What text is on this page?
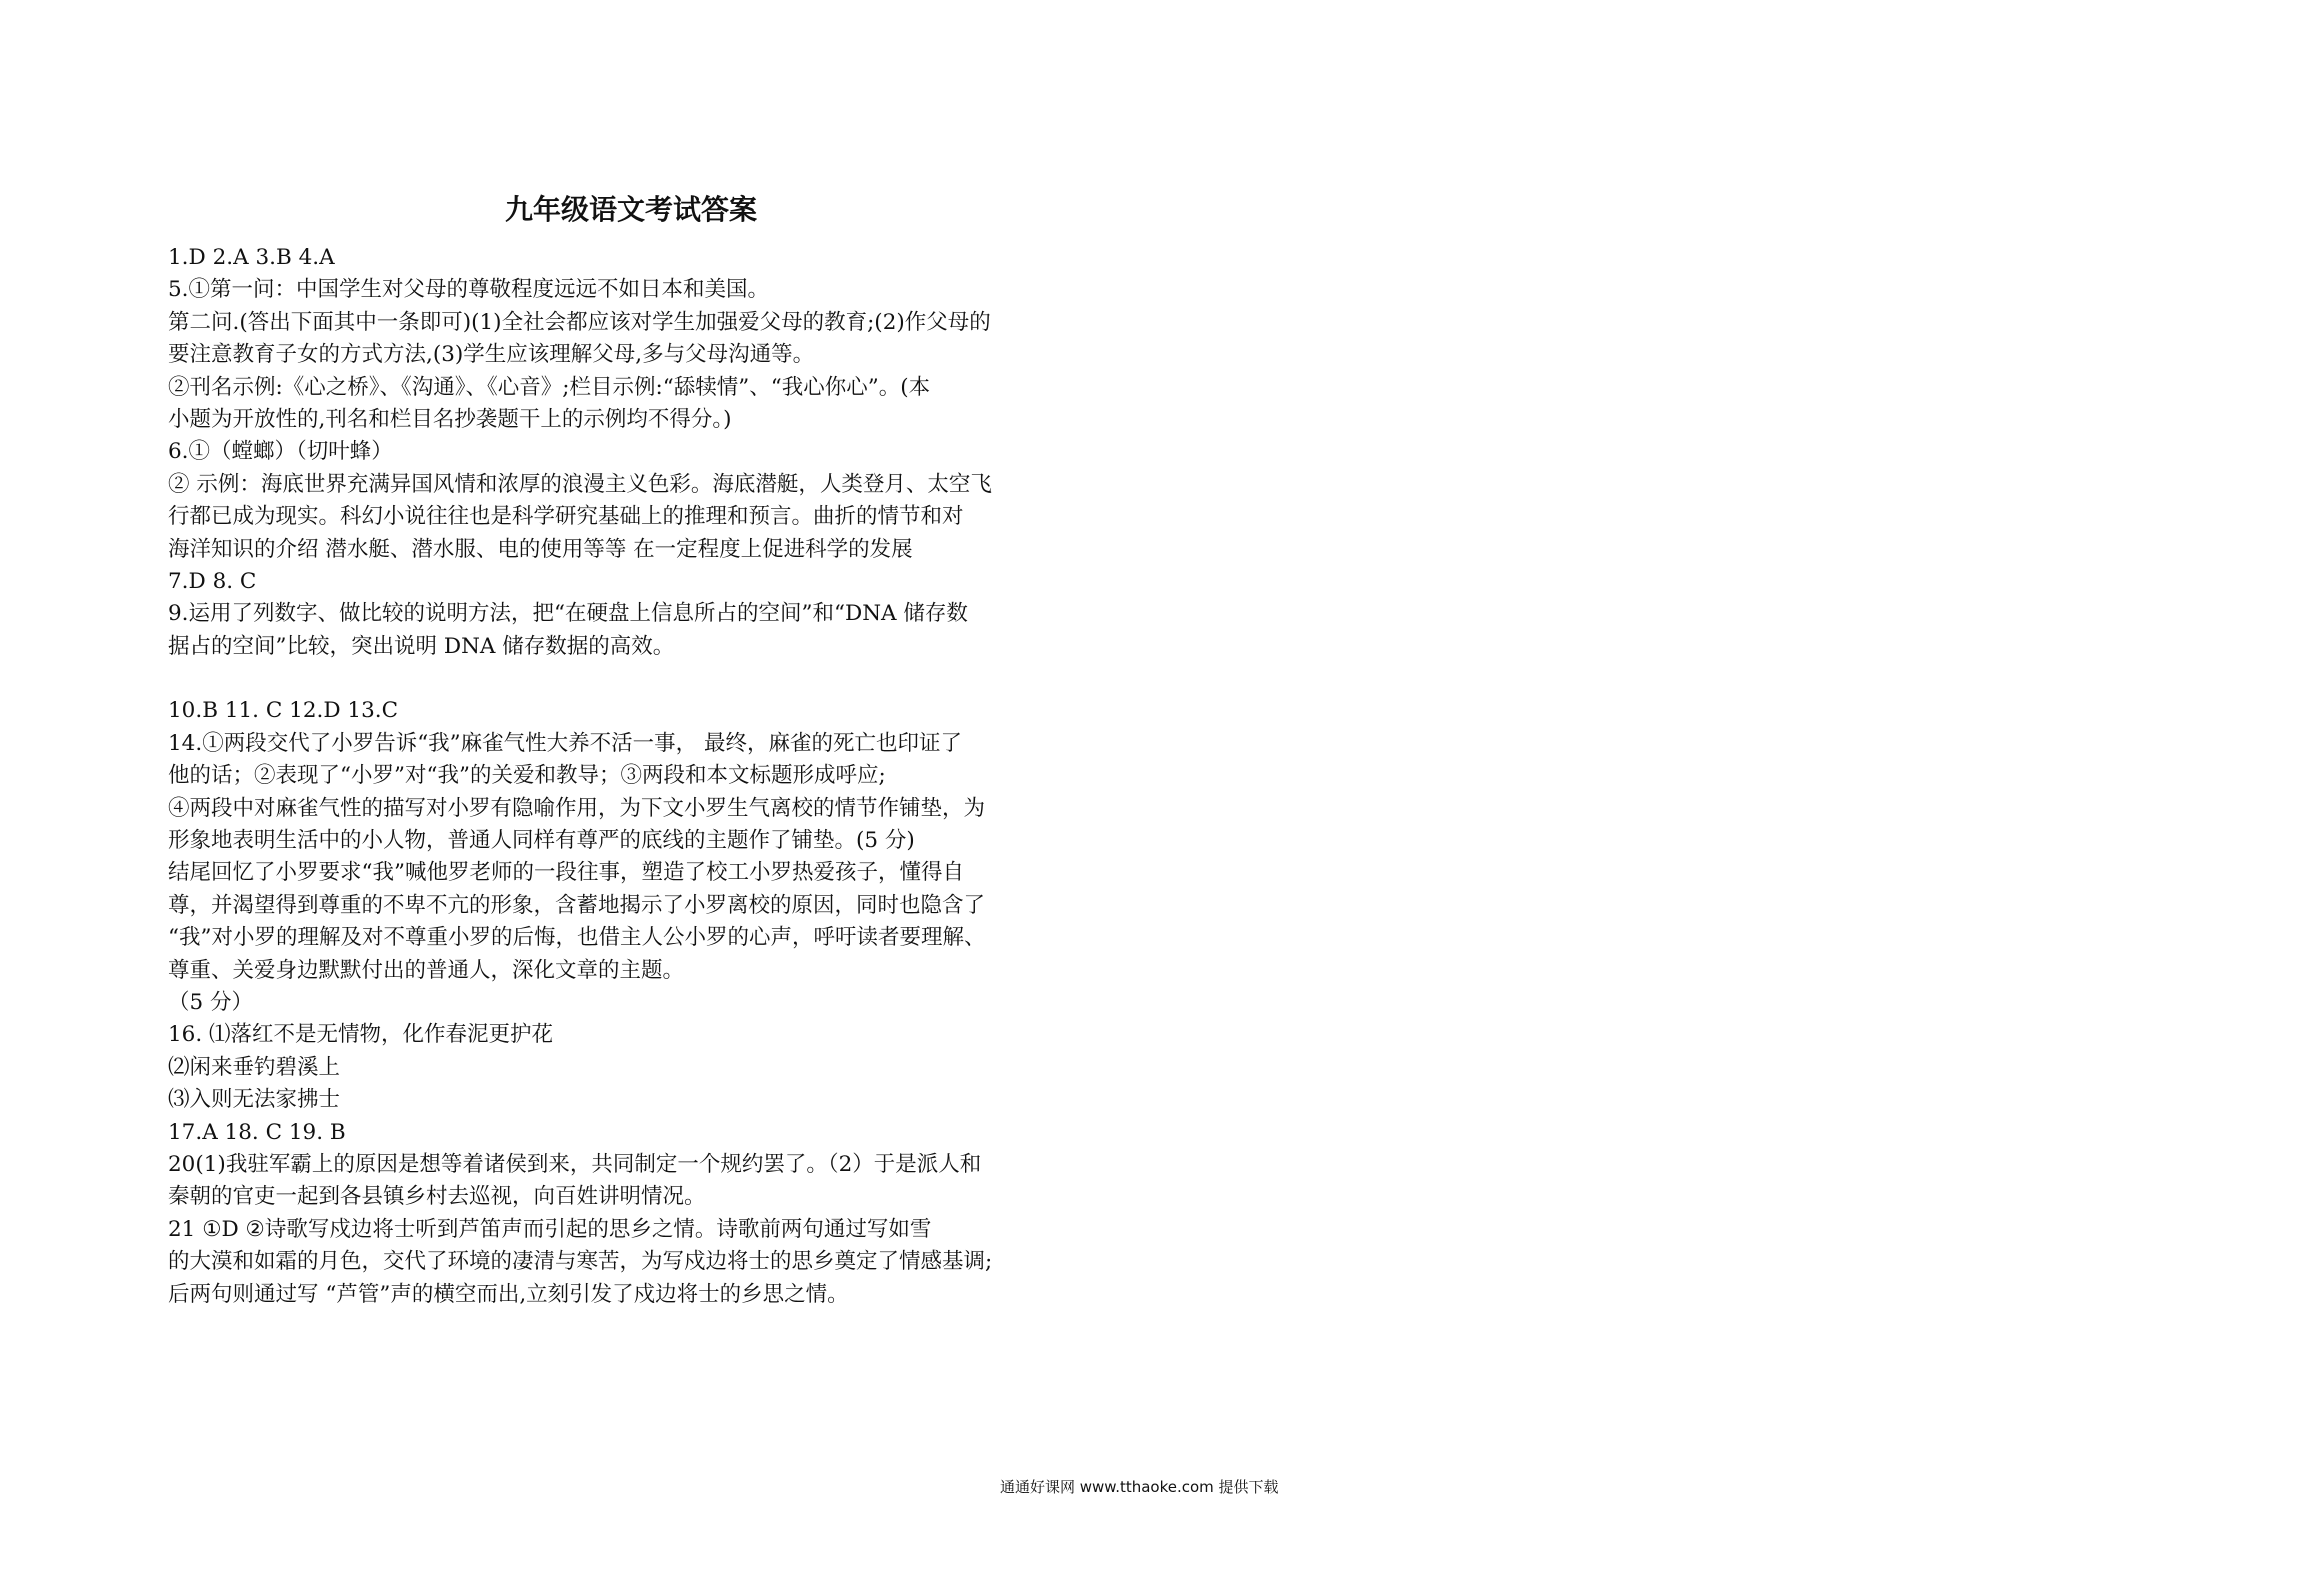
九年级语文考试答案
1.D 2.A 3.B 4.A
5.①第一问：中国学生对父母的尊敬程度远远不如日本和美国。
第二问.(答出下面其中一条即可)(1)全社会都应该对学生加强爱父母的教育;(2)作父母的
要注意教育子女的方式方法,(3)学生应该理解父母,多与父母沟通等。
②刊名示例:《心之桥》、《沟通》、《心音》;栏目示例:“舔犊情”、“我心你心”。(本
小题为开放性的,刊名和栏目名抄袭题干上的示例均不得分。)
6.①（螳螂）（切叶蜂）
② 示例：海底世界充满异国风情和浓厚的浪漫主义色彩。海底潜艇，人类登月、太空飞
行都已成为现实。科幻小说往往也是科学研究基础上的推理和预言。曲折的情节和对
海洋知识的介绍 潜水艇、潜水服、电的使用等等 在一定程度上促进科学的发展
7.D 8. C
9.运用了列数字、做比较的说明方法，把“在硬盘上信息所占的空间”和“DNA 储存数
据占的空间”比较，突出说明 DNA 储存数据的高效。
10.B 11. C 12.D 13.C
14.①两段交代了小罗告诉“我”麻雀气性大养不活一事， 最终，麻雀的死亡也印证了
他的话；②表现了“小罗”对“我”的关爱和教导；③两段和本文标题形成呼应;
④两段中对麻雀气性的描写对小罗有隐喻作用，为下文小罗生气离校的情节作铺垫，为
形象地表明生活中的小人物，普通人同样有尊严的底线的主题作了铺垫。(5 分)
结尾回忆了小罗要求“我”喊他罗老师的一段往事，塑造了校工小罗热爱孩子，懂得自
尊，并渴望得到尊重的不卑不亢的形象，含蓄地揭示了小罗离校的原因，同时也隐含了
“我”对小罗的理解及对不尊重小罗的后悔，也借主人公小罗的心声，呼吁读者要理解、
尊重、关爱身边默默付出的普通人，深化文章的主题。
（5 分）
16. ⑴落红不是无情物，化作春泥更护花
⑵闲来垂钓碧溪上
⑶入则无法家拂士
17.A 18. C 19. B
20(1)我驻军霸上的原因是想等着诸侯到来，共同制定一个规约罢了。（2）于是派人和
秦朝的官吏一起到各县镇乡村去巡视，向百姓讲明情况。
21 ①D ②诗歌写戍边将士听到芦笛声而引起的思乡之情。诗歌前两句通过写如雪
的大漠和如霜的月色，交代了环境的凄清与寒苦，为写戍边将士的思乡奠定了情感基调;
后两句则通过写 “芦管”声的横空而出,立刻引发了戍边将士的乡思之情。
通通好课网 www.tthaoke.com 提供下载
